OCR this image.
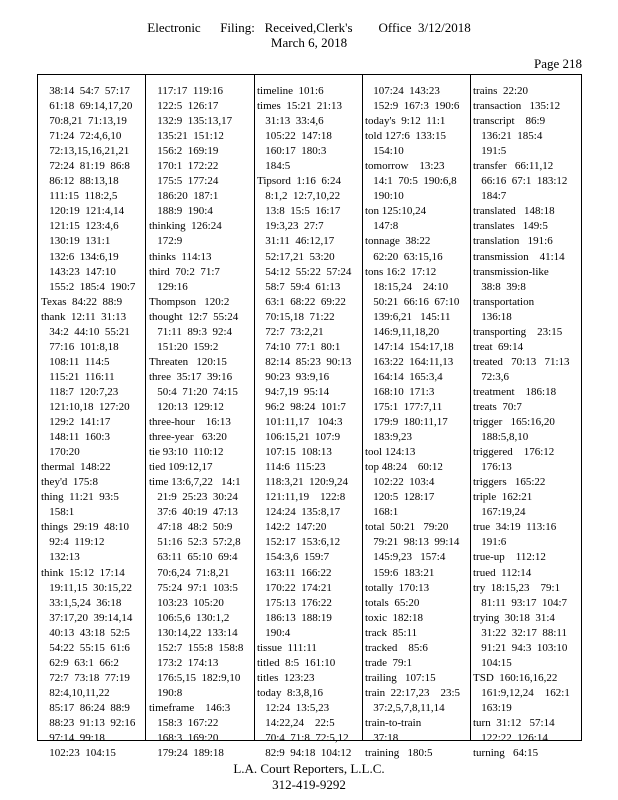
Electronic      Filing:   Received,Clerk's        Office  3/12/2018
March 6, 2018
Page 218
38:14  54:7  57:17
61:18  69:14,17,20
70:8,21  71:13,19
71:24  72:4,6,10
72:13,15,16,21,21
72:24  81:19  86:8
86:12  88:13,18
111:15  118:2,5
120:19  121:4,14
121:15  123:4,6
130:19  131:1
132:6  134:6,19
143:23  147:10
155:2  185:4  190:7
Texas  84:22  88:9
thank  12:11  31:13
34:2  44:10  55:21
77:16  101:8,18
108:11  114:5
115:21  116:11
118:7  120:7,23
121:10,18  127:20
129:2  141:17
148:11  160:3
170:20
thermal  148:22
they'd  175:8
thing  11:21  93:5
158:1
things  29:19  48:10
92:4  119:12
132:13
think  15:12  17:14
19:11,15  30:15,22
33:1,5,24  36:18
37:17,20  39:14,14
40:13  43:18  52:5
54:22  55:15  61:6
62:9  63:1  66:2
72:7  73:18  77:19
82:4,10,11,22
85:17  86:24  88:9
88:23  91:13  92:16
97:14  99:18
102:23  104:15
117:17  119:16
122:5  126:17
132:9  135:13,17
135:21  151:12
156:2  169:19
170:1  172:22
175:5  177:24
186:20  187:1
188:9  190:4
thinking  126:24
172:9
thinks  114:13
third  70:2  71:7
129:16
Thompson   120:2
thought  12:7  55:24
71:11  89:3  92:4
151:20  159:2
Threaten   120:15
three  35:17  39:16
50:4  71:20  74:15
120:13  129:12
three-hour    16:13
three-year   63:20
tie 93:10  110:12
tied 109:12,17
time 13:6,7,22   14:1
21:9  25:23  30:24
37:6  40:19  47:13
47:18  48:2  50:9
51:16  52:3  57:2,8
63:11  65:10  69:4
70:6,24  71:8,21
75:24  97:1  103:5
103:23  105:20
106:5,6  130:1,2
130:14,22  133:14
152:7  155:8  158:8
173:2  174:13
176:5,15  182:9,10
190:8
timeframe    146:3
158:3  167:22
168:3  169:20
179:24  189:18
timeline  101:6
times  15:21  21:13
31:13  33:4,6
105:22  147:18
160:17  180:3
184:5
Tipsord  1:16  6:24
8:1,2  12:7,10,22
13:8  15:5  16:17
19:3,23  27:7
31:11  46:12,17
52:17,21  53:20
54:12  55:22  57:24
58:7  59:4  61:13
63:1  68:22  69:22
70:15,18  71:22
72:7  73:2,21
74:10  77:1  80:1
82:14  85:23  90:13
90:23  93:9,16
94:7,19  95:14
96:2  98:24  101:7
101:11,17   104:3
106:15,21  107:9
107:15  108:13
114:6  115:23
118:3,21  120:9,24
121:11,19    122:8
124:24  135:8,17
142:2  147:20
152:17  153:6,12
154:3,6  159:7
163:11  166:22
170:22  174:21
175:13  176:22
186:13  188:19
190:4
tissue  111:11
titled  8:5  161:10
titles  123:23
today  8:3,8,16
12:24  13:5,23
14:22,24    22:5
70:4  71:8  72:5,12
82:9  94:18  104:12
107:24  143:23
152:9  167:3  190:6
today's  9:12  11:1
told 127:6  133:15
154:10
tomorrow    13:23
14:1  70:5  190:6,8
190:10
ton 125:10,24
147:8
tonnage  38:22
62:20  63:15,16
tons 16:2  17:12
18:15,24    24:10
50:21  66:16  67:10
139:6,21   145:11
146:9,11,18,20
147:14  154:17,18
163:22  164:11,13
164:14  165:3,4
168:10  171:3
175:1  177:7,11
179:9  180:11,17
183:9,23
tool 124:13
top 48:24    60:12
102:22  103:4
120:5  128:17
168:1
total  50:21   79:20
79:21  98:13  99:14
145:9,23   157:4
159:6  183:21
totally  170:13
totals  65:20
toxic  182:18
track  85:11
tracked    85:6
trade  79:1
trailing   107:15
train  22:17,23    23:5
37:2,5,7,8,11,14
train-to-train
37:18
training   180:5
trains  22:20
transaction   135:12
transcript    86:9
136:21  185:4
191:5
transfer   66:11,12
66:16  67:1  183:12
184:7
translated   148:18
translates   149:5
translation   191:6
transmission    41:14
transmission-like
38:8  39:8
transportation
136:18
transporting    23:15
treat  69:14
treated   70:13   71:13
72:3,6
treatment    186:18
treats  70:7
trigger   165:16,20
188:5,8,10
triggered    176:12
176:13
triggers   165:22
triple  162:21
167:19,24
true  34:19  113:16
191:6
true-up    112:12
trued  112:14
try  18:15,23    79:1
81:11  93:17  104:7
trying  30:18  31:4
31:22  32:17  88:11
91:21  94:3  103:10
104:15
TSD  160:16,16,22
161:9,12,24    162:1
163:19
turn  31:12   57:14
122:22  126:14
turning   64:15
L.A. Court Reporters, L.L.C.
312-419-9292
